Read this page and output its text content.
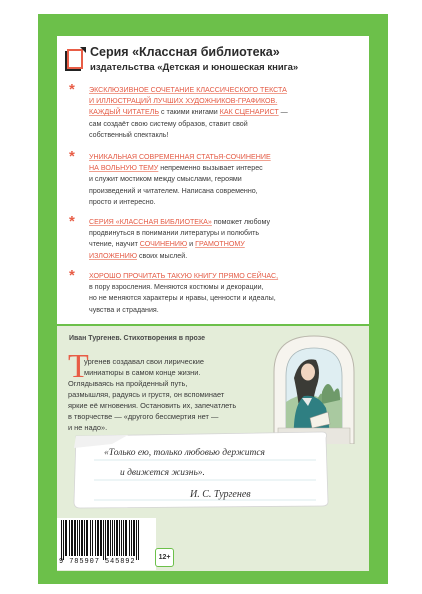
Серия «Классная библиотека»
издательства «Детская и юношеская книга»
* ЭКСКЛЮЗИВНОЕ СОЧЕТАНИЕ КЛАССИЧЕСКОГО ТЕКСТА
И ИЛЛЮСТРАЦИЙ ЛУЧШИХ ХУДОЖНИКОВ-ГРАФИКОВ.
КАЖДЫЙ ЧИТАТЕЛЬ с такими книгами КАК СЦЕНАРИСТ —
сам создаёт свою систему образов, ставит свой
собственный спектакль!
* УНИКАЛЬНАЯ СОВРЕМЕННАЯ СТАТЬЯ-СОЧИНЕНИЕ
НА ВОЛЬНУЮ ТЕМУ непременно вызывает интерес
и служит мостиком между смыслами, героями
произведений и читателем. Написана современно,
просто и интересно.
* СЕРИЯ «КЛАССНАЯ БИБЛИОТЕКА» поможет любому
продвинуться в понимании литературы и полюбить
чтение, научит СОЧИНЕНИЮ и ГРАМОТНОМУ
ИЗЛОЖЕНИЮ своих мыслей.
* ХОРОШО ПРОЧИТАТЬ ТАКУЮ КНИГУ ПРЯМО СЕЙЧАС,
в пору взросления. Меняются костюмы и декорации,
но не меняются характеры и нравы, ценности и идеалы,
чувства и страдания.
Иван Тургенев. Стихотворения в прозе
Т
ургенев создавал свои лирические
миниатюры в самом конце жизни.
Оглядываясь на пройденный путь,
размышляя, радуясь и грустя, он вспоминает
яркие её мгновения. Остановить их, запечатлеть
в творчестве — «другого бессмертия нет —
и не надо».
«Только ею, только любовью держится
и движется жизнь».
И. С. Тургенев
9 785907 545892
12+
